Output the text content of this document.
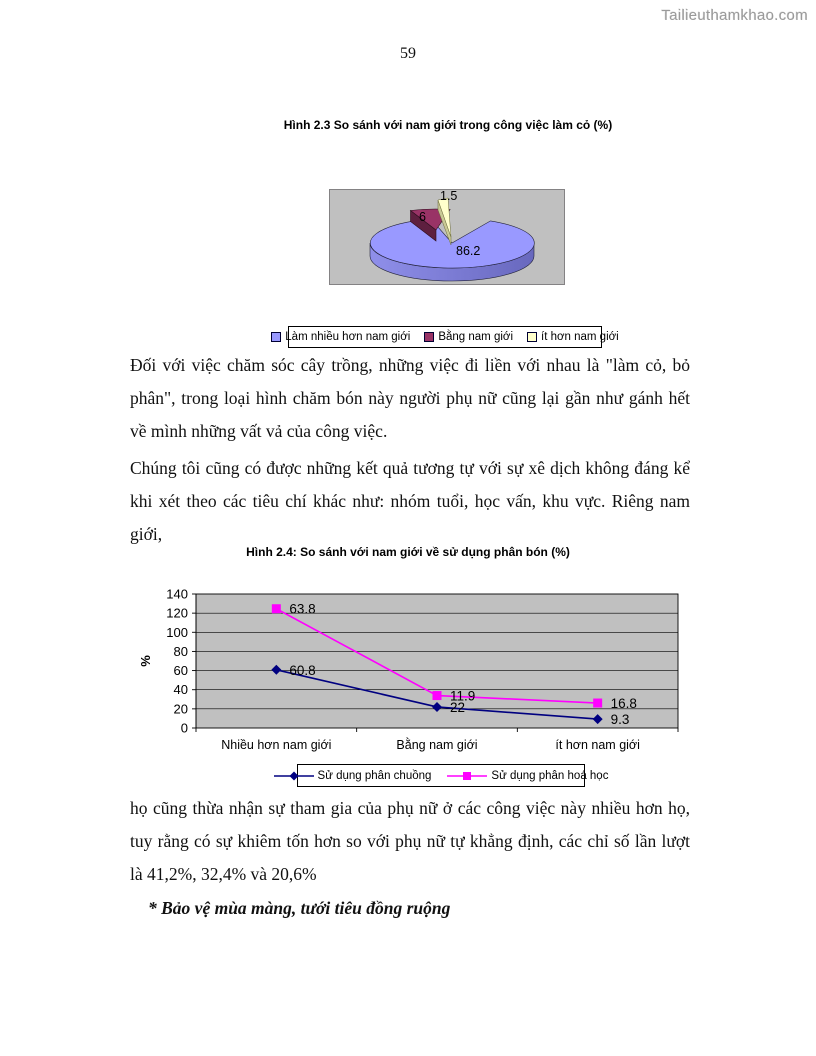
Tailieuthamkhao.com
59
Hình 2.3 So sánh với nam giới trong công việc làm cỏ (%)
1.5
6
86.2
Làm nhiều hơn nam giới Bằng nam giới ít hơn nam giới
Đối với việc chăm sóc cây trồng, những việc đi liền với nhau là "làm cỏ, bỏ phân", trong loại hình chăm bón này người phụ nữ cũng lại gần như gánh hết về mình những vất vả của công việc.
Chúng tôi cũng có được những kết quả tương tự với sự xê dịch không đáng kể khi xét theo các tiêu chí khác như: nhóm tuổi, học vấn, khu vực. Riêng nam giới,
Hình 2.4: So sánh với nam giới về sử dụng phân bón (%)
0
20
40
60
80
100
120
140
Nhiều hơn nam giới	Bằng nam giới	ít hơn nam giới
%
60.8
22
9.3
63.8
11.9	16.8
Sử dụng phân chuồng	Sử dụng phân hoá học
họ cũng thừa nhận sự tham gia của phụ nữ ở các công việc này nhiều hơn họ, tuy rằng có sự khiêm tốn hơn so với phụ nữ tự khẳng định, các chỉ số lần lượt là 41,2%, 32,4% và 20,6%
* Bảo vệ mùa màng, tưới tiêu đồng ruộng
